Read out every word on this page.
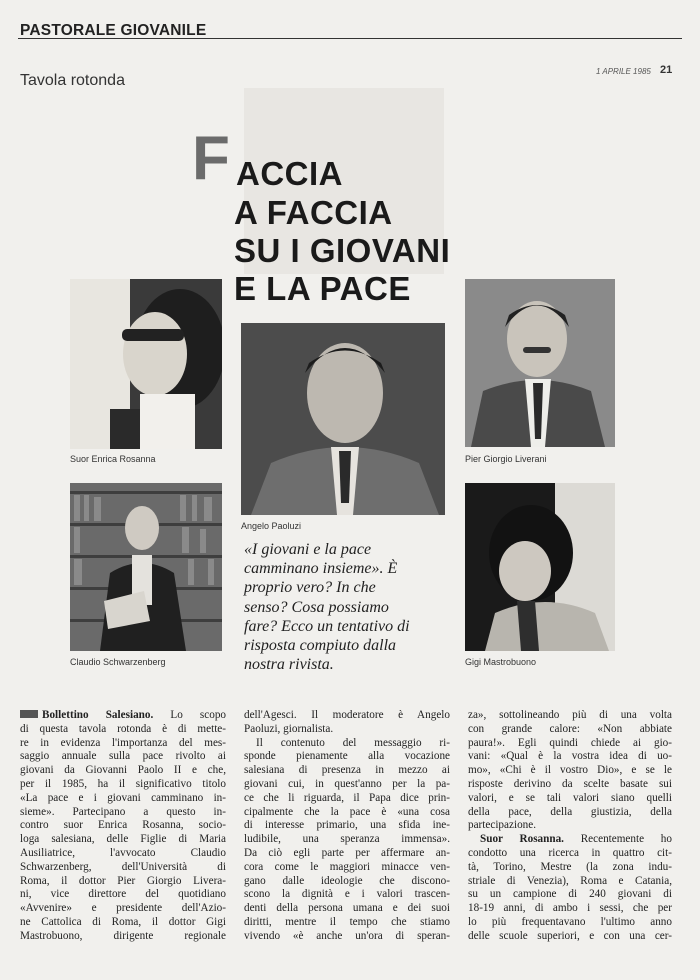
PASTORALE GIOVANILE
Tavola rotonda
1 APRILE 1985 21
F ACCIA
A FACCIA
SU I GIOVANI
E LA PACE
Suor Enrica Rosanna
Claudio Schwarzenberg
Angelo Paoluzi
Pier Giorgio Liverani
Gigi Mastrobuono
«I giovani e la pace
camminano insieme». È
proprio vero? In che
senso? Cosa possiamo
fare? Ecco un tentativo di
risposta compiuto dalla
nostra rivista.
Bollettino Salesiano. Lo scopo
di questa tavola rotonda è di mette-
re in evidenza l'importanza del mes-
saggio annuale sulla pace rivolto ai
giovani da Giovanni Paolo II e che,
per il 1985, ha il significativo titolo
«La pace e i giovani camminano in-
sieme». Partecipano a questo in-
contro suor Enrica Rosanna, socio-
loga salesiana, delle Figlie di Maria
Ausiliatrice, l'avvocato Claudio
Schwarzenberg, dell'Università di
Roma, il dottor Pier Giorgio Livera-
ni, vice direttore del quotidiano
«Avvenire» e presidente dell'Azio-
ne Cattolica di Roma, il dottor Gigi
Mastrobuono, dirigente regionale
dell'Agesci. Il moderatore è Angelo
Paoluzi, giornalista.
Il contenuto del messaggio ri-
sponde pienamente alla vocazione
salesiana di presenza in mezzo ai
giovani cui, in quest'anno per la pa-
ce che li riguarda, il Papa dice prin-
cipalmente che la pace è «una cosa
di interesse primario, una sfida ine-
ludibile, una speranza immensa».
Da ciò egli parte per affermare an-
cora come le maggiori minacce ven-
gano dalle ideologie che discono-
scono la dignità e i valori trascen-
denti della persona umana e dei suoi
diritti, mentre il tempo che stiamo
vivendo «è anche un'ora di speran-
za», sottolineando più di una volta
con grande calore: «Non abbiate
paura!». Egli quindi chiede ai gio-
vani: «Qual è la vostra idea di uo-
mo», «Chi è il vostro Dio», e se le
risposte derivino da scelte basate sui
valori, e se tali valori siano quelli
della pace, della giustizia, della
partecipazione.
Suor Rosanna. Recentemente ho
condotto una ricerca in quattro cit-
tà, Torino, Mestre (la zona indu-
striale di Venezia), Roma e Catania,
su un campione di 240 giovani di
18-19 anni, di ambo i sessi, che per
lo più frequentavano l'ultimo anno
delle scuole superiori, e con una cer-
